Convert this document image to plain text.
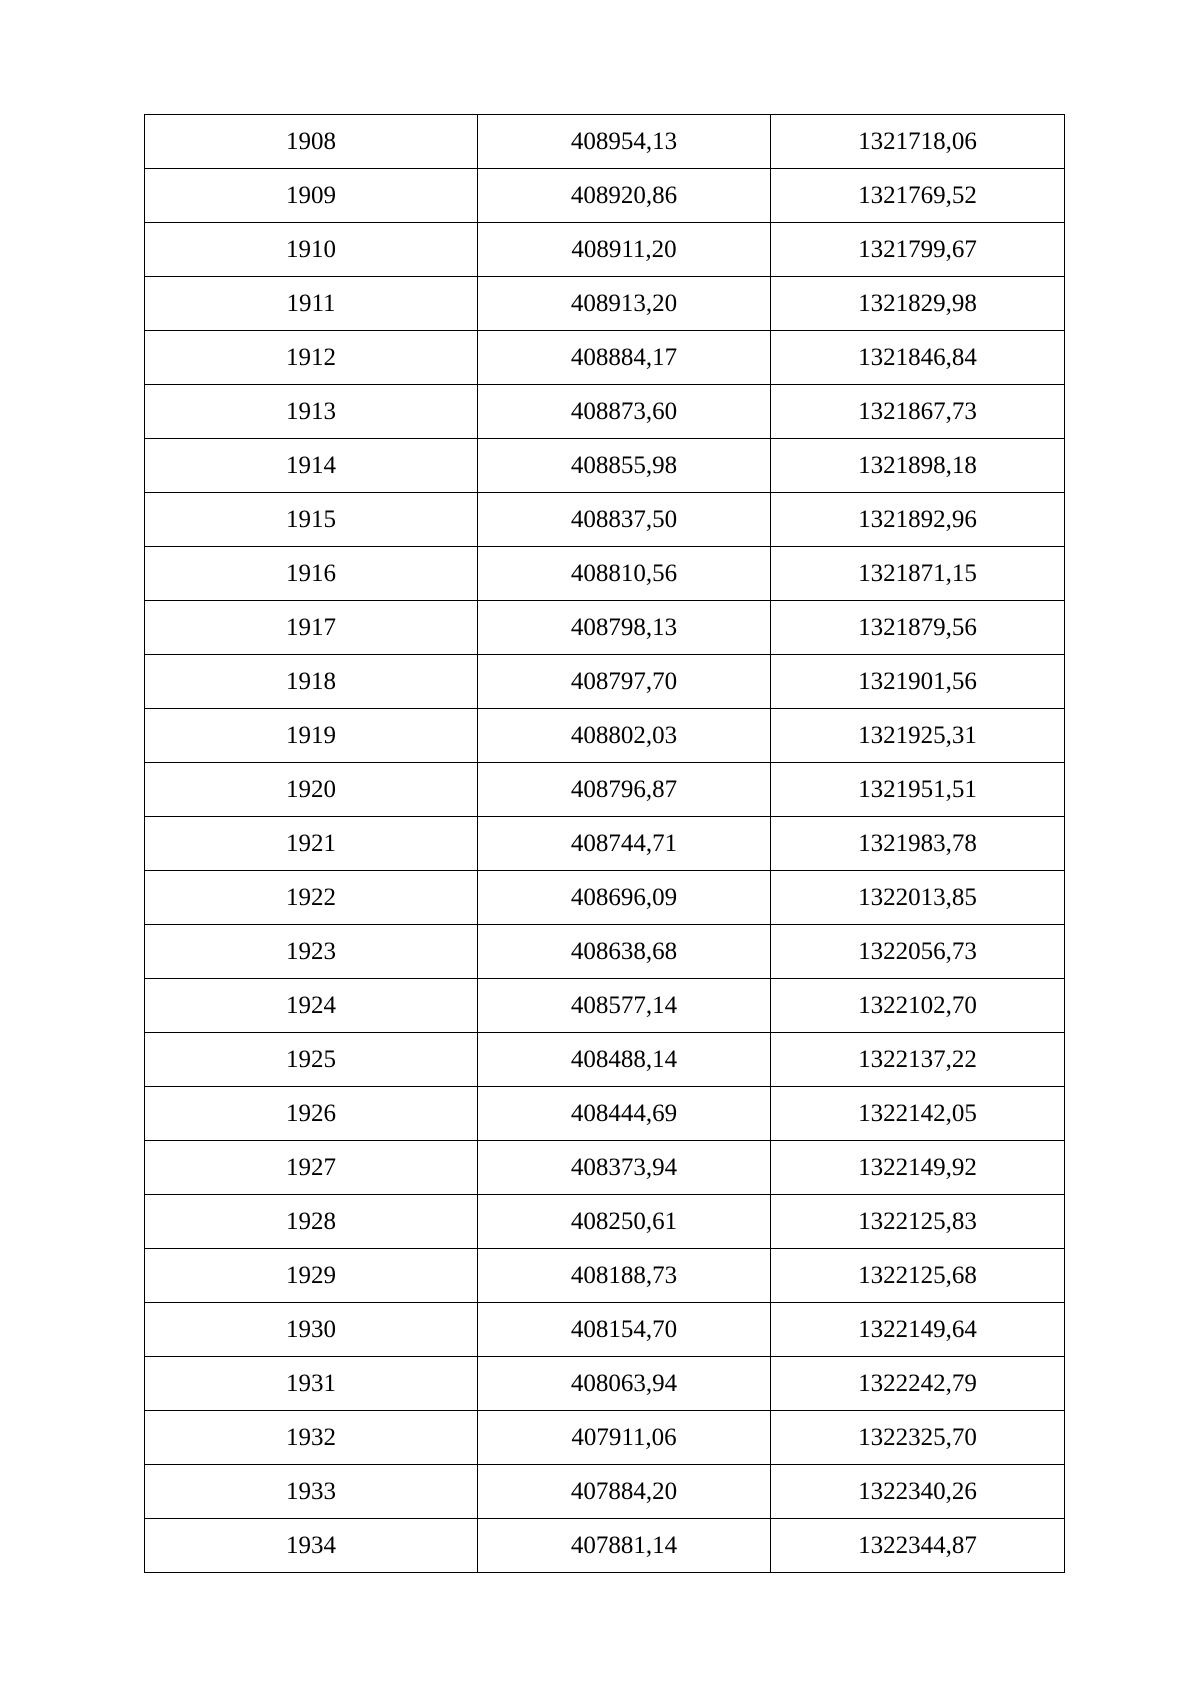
1908	408954,13	1321718,06
1909	408920,86	1321769,52
1910	408911,20	1321799,67
1911	408913,20	1321829,98
1912	408884,17	1321846,84
1913	408873,60	1321867,73
1914	408855,98	1321898,18
1915	408837,50	1321892,96
1916	408810,56	1321871,15
1917	408798,13	1321879,56
1918	408797,70	1321901,56
1919	408802,03	1321925,31
1920	408796,87	1321951,51
1921	408744,71	1321983,78
1922	408696,09	1322013,85
1923	408638,68	1322056,73
1924	408577,14	1322102,70
1925	408488,14	1322137,22
1926	408444,69	1322142,05
1927	408373,94	1322149,92
1928	408250,61	1322125,83
1929	408188,73	1322125,68
1930	408154,70	1322149,64
1931	408063,94	1322242,79
1932	407911,06	1322325,70
1933	407884,20	1322340,26
1934	407881,14	1322344,87
